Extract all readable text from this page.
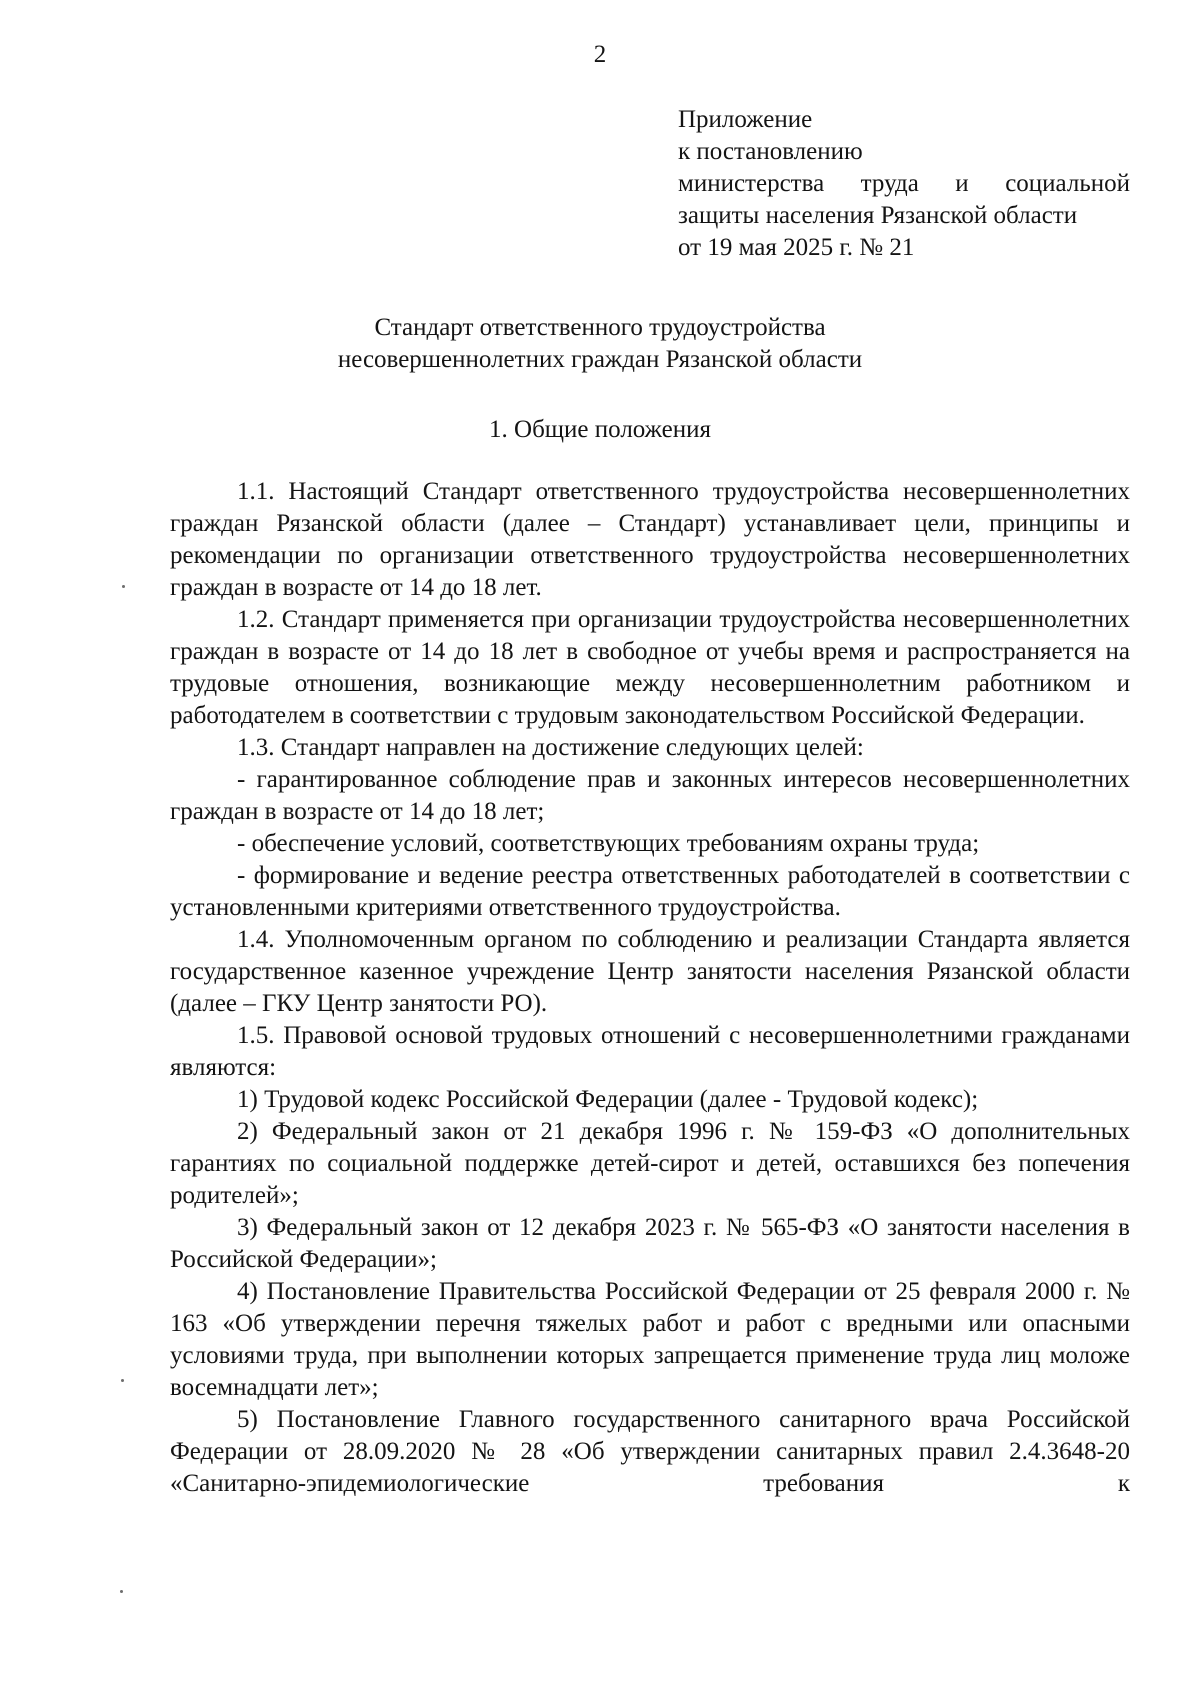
2
Приложение
к постановлению
министерства труда и социальной
защиты населения Рязанской области
от 19 мая 2025 г. № 21
Стандарт ответственного трудоустройства
несовершеннолетних граждан Рязанской области
1. Общие положения

1.1. Настоящий Стандарт ответственного трудоустройства несовершеннолетних граждан Рязанской области (далее – Стандарт) устанавливает цели, принципы и рекомендации по организации ответственного трудоустройства несовершеннолетних граждан в возрасте от 14 до 18 лет.

1.2. Стандарт применяется при организации трудоустройства несовершеннолетних граждан в возрасте от 14 до 18 лет в свободное от учебы время и распространяется на трудовые отношения, возникающие между несовершеннолетним работником и работодателем в соответствии с трудовым законодательством Российской Федерации.

1.3. Стандарт направлен на достижение следующих целей:

- гарантированное соблюдение прав и законных интересов несовершеннолетних граждан в возрасте от 14 до 18 лет;

- обеспечение условий, соответствующих требованиям охраны труда;

- формирование и ведение реестра ответственных работодателей в соответствии с установленными критериями ответственного трудоустройства.

1.4. Уполномоченным органом по соблюдению и реализации Стандарта является государственное казенное учреждение Центр занятости населения Рязанской области (далее – ГКУ Центр занятости РО).

1.5. Правовой основой трудовых отношений с несовершеннолетними гражданами являются:

1) Трудовой кодекс Российской Федерации (далее - Трудовой кодекс);

2) Федеральный закон от 21 декабря 1996 г. № 159-ФЗ «О дополнительных гарантиях по социальной поддержке детей-сирот и детей, оставшихся без попечения родителей»;

3) Федеральный закон от 12 декабря 2023 г. № 565-ФЗ «О занятости населения в Российской Федерации»;

4) Постановление Правительства Российской Федерации от 25 февраля 2000 г. № 163 «Об утверждении перечня тяжелых работ и работ с вредными или опасными условиями труда, при выполнении которых запрещается применение труда лиц моложе восемнадцати лет»;

5) Постановление Главного государственного санитарного врача Российской Федерации от 28.09.2020 № 28 «Об утверждении санитарных правил 2.4.3648-20 «Санитарно-эпидемиологические требования к
